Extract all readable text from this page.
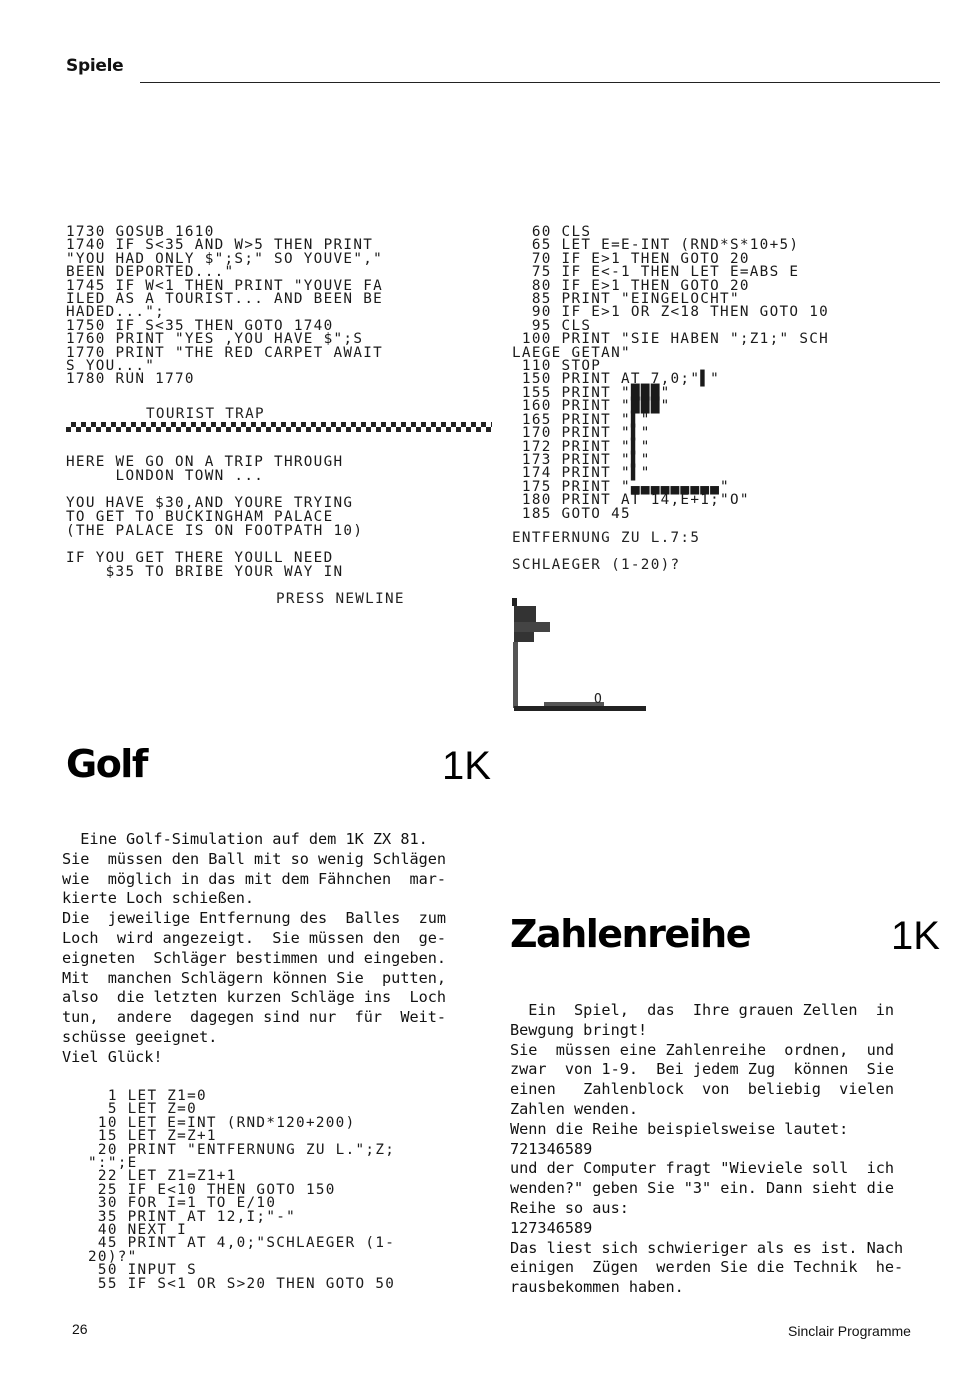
Spiele
1730 GOSUB 1610
1740 IF S<35 AND W>5 THEN PRINT
"YOU HAD ONLY $";S;" SO YOUVE","
BEEN DEPORTED..."
1745 IF W<1 THEN PRINT "YOUVE FA
ILED AS A TOURIST... AND BEEN BE
HADED...";
1750 IF S<35 THEN GOTO 1740
1760 PRINT "YES ,YOU HAVE $";S
1770 PRINT "THE RED CARPET AWAIT
S YOU..."
1780 RUN 1770
TOURIST TRAP
HERE WE GO ON A TRIP THROUGH
LONDON TOWN ...

YOU HAVE $30,AND YOURE TRYING
TO GET TO BUCKINGHAM PALACE
(THE PALACE IS ON FOOTPATH 10)

IF YOU GET THERE YOULL NEED
$35 TO BRIBE YOUR WAY IN
PRESS NEWLINE
60 CLS
65 LET E=E-INT (RND*S*10+5)
70 IF E>1 THEN GOTO 20
75 IF E<-1 THEN LET E=ABS E
80 IF E>1 THEN GOTO 20
85 PRINT "EINGELOCHT"
90 IF E>1 OR Z<18 THEN GOTO 10
95 CLS
100 PRINT "SIE HABEN ";Z1;" SCH
LAEGE GETAN"
110 STOP
150 PRINT AT 7,0;"▌"
155 PRINT "███"
160 PRINT "███"
165 PRINT "▌"
170 PRINT "▌"
172 PRINT "▌"
173 PRINT "▌"
174 PRINT "▌"
175 PRINT "▄▄▄▄▄▄▄▄▄"
180 PRINT AT 14,E+1;"O"
185 GOTO 45
ENTFERNUNG ZU L.7:5
SCHLAEGER (1-20)?
O
Golf	1K
Eine Golf-Simulation auf dem 1K ZX 81.
Sie  müssen den Ball mit so wenig Schlägen
wie  möglich in das mit dem Fähnchen  mar-
kierte Loch schießen.
Die  jeweilige Entfernung des  Balles  zum
Loch  wird angezeigt.  Sie müssen den  ge-
eigneten  Schläger bestimmen und eingeben.
Mit  manchen Schlägern können Sie  putten,
also  die letzten kurzen Schläge ins  Loch
tun,  andere  dagegen sind nur  für  Weit-
schüsse geeignet.
Viel Glück!
1 LET Z1=0
5 LET Z=0
10 LET E=INT (RND*120+200)
15 LET Z=Z+1
20 PRINT "ENTFERNUNG ZU L.";Z;
":";E
22 LET Z1=Z1+1
25 IF E<10 THEN GOTO 150
30 FOR I=1 TO E/10
35 PRINT AT 12,I;"-"
40 NEXT I
45 PRINT AT 4,0;"SCHLAEGER (1-
20)?"
50 INPUT S
55 IF S<1 OR S>20 THEN GOTO 50
Zahlenreihe	1K
Ein  Spiel,  das  Ihre grauen Zellen  in
Bewgung bringt!
Sie  müssen eine Zahlenreihe  ordnen,  und
zwar  von 1-9.  Bei jedem Zug  können  Sie
einen   Zahlenblock  von  beliebig  vielen
Zahlen wenden.
Wenn die Reihe beispielsweise lautet:
721346589
und der Computer fragt "Wieviele soll  ich
wenden?" geben Sie "3" ein. Dann sieht die
Reihe so aus:
127346589
Das liest sich schwieriger als es ist. Nach
einigen  Zügen  werden Sie die Technik  he-
rausbekommen haben.
26	Sinclair Programme
